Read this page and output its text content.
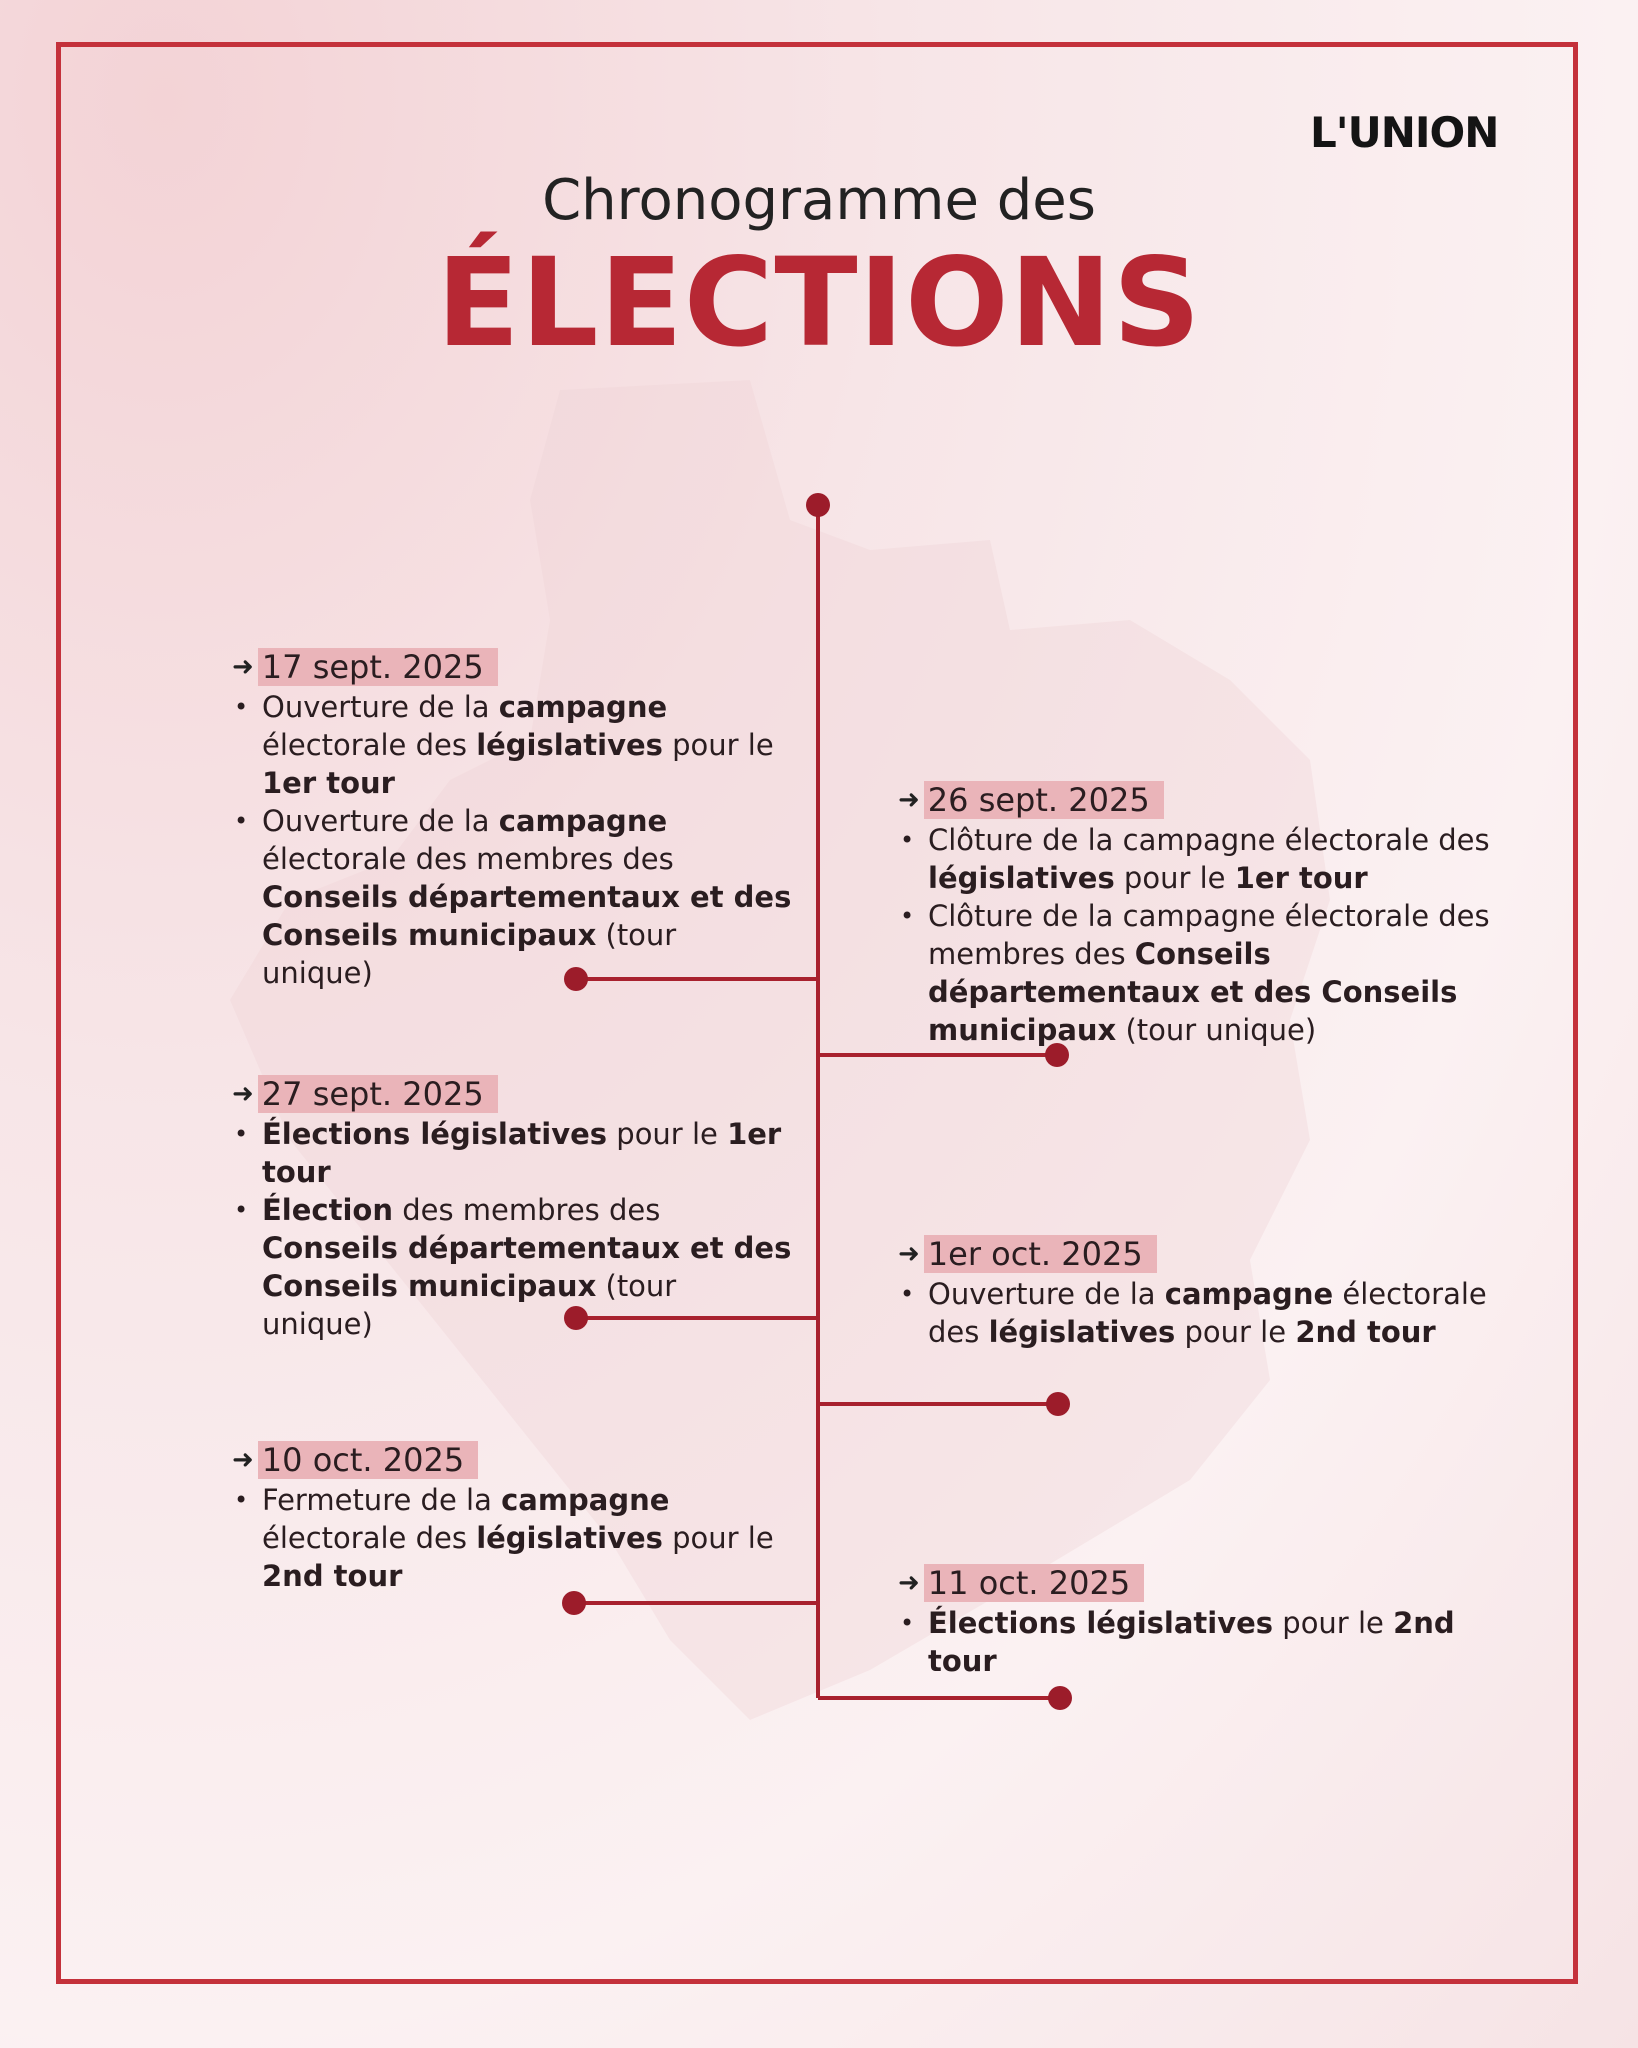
L'UNION
Chronogramme des
ÉLECTIONS
➜ 17 sept. 2025
• Ouverture de la campagne électorale des législatives pour le 1er tour
• Ouverture de la campagne électorale des membres des Conseils départementaux et des Conseils municipaux (tour unique)
➜ 26 sept. 2025
• Clôture de la campagne électorale des législatives pour le 1er tour
• Clôture de la campagne électorale des membres des Conseils départementaux et des Conseils municipaux (tour unique)
➜ 27 sept. 2025
• Élections législatives pour le 1er tour
• Élection des membres des Conseils départementaux et des Conseils municipaux (tour unique)
➜ 1er oct. 2025
• Ouverture de la campagne électorale des législatives pour le 2nd tour
➜ 10 oct. 2025
• Fermeture de la campagne électorale des législatives pour le 2nd tour	➜ 11 oct. 2025
• Élections législatives pour le 2nd tour
